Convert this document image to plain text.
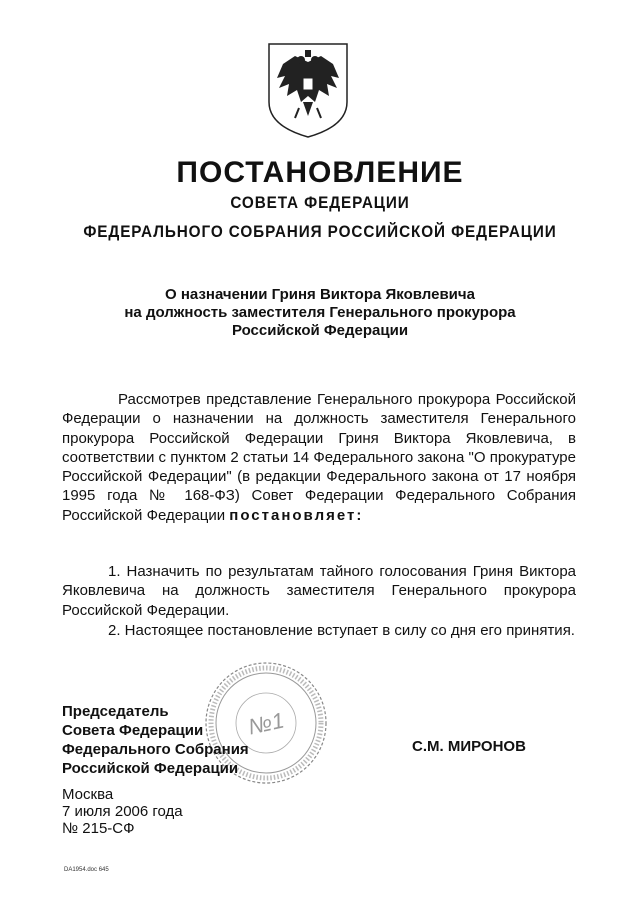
ПОСТАНОВЛЕНИЕ
СОВЕТА ФЕДЕРАЦИИ
ФЕДЕРАЛЬНОГО СОБРАНИЯ РОССИЙСКОЙ ФЕДЕРАЦИИ
О назначении Гриня Виктора Яковлевича
на должность заместителя Генерального прокурора
Российской Федерации

Рассмотрев представление Генерального прокурора Российской Федерации о назначении на должность заместителя Генерального прокурора Российской Федерации Гриня Виктора Яковлевича, в соответствии с пунктом 2 статьи 14 Федерального закона "О прокуратуре Российской Федерации" (в редакции Федерального закона от 17 ноября 1995 года № 168-ФЗ) Совет Федерации Федерального Собрания Российской Федерации постановляет:

1. Назначить по результатам тайного голосования Гриня Виктора Яковлевича на должность заместителя Генерального прокурора Российской Федерации.

2. Настоящее постановление вступает в силу со дня его принятия.

№1
Председатель
Совета Федерации
Федерального Собрания
Российской Федерации
С.М. МИРОНОВ
Москва
7 июля 2006 года
№ 215-СФ
DA1954.doc 645
